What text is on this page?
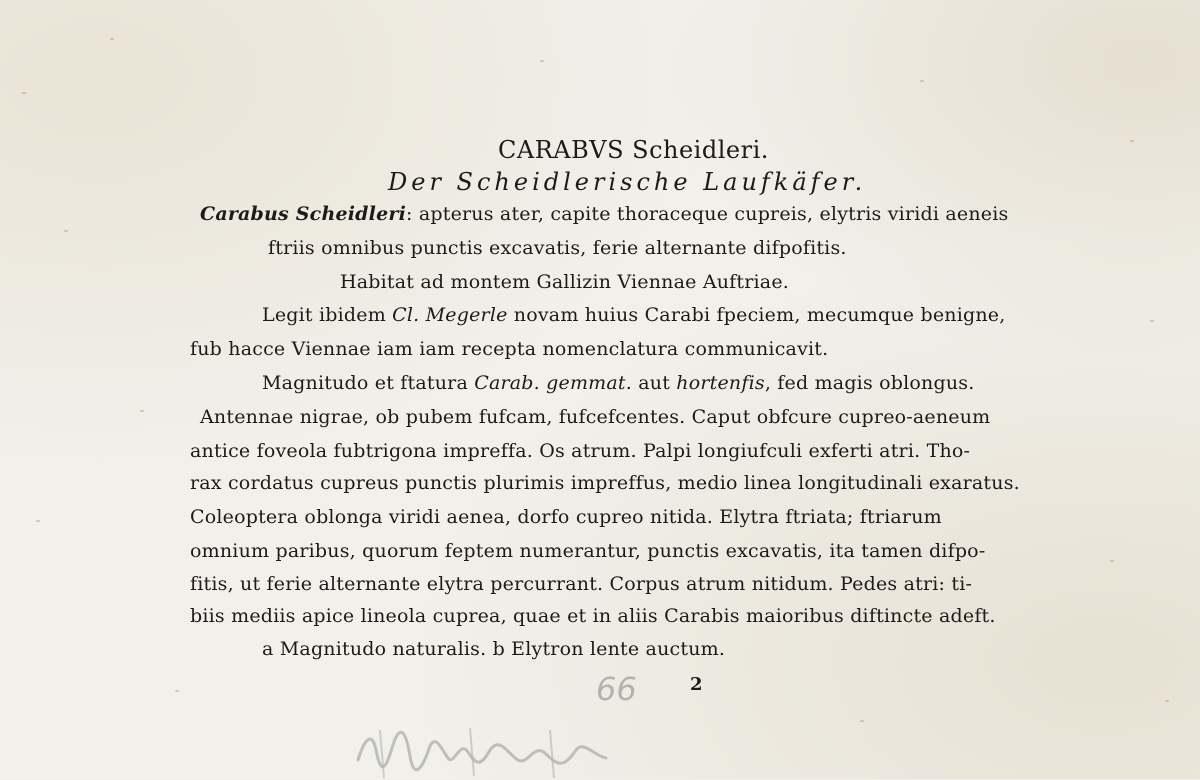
CARABVS Scheidleri.
Der Scheidlerische Laufkäfer.
Carabus Scheidleri: apterus ater, capite thoraceque cupreis, elytris viridi aeneis
ftriis omnibus punctis excavatis, ferie alternante difpofitis.
Habitat ad montem Gallizin Viennae Auftriae.
Legit ibidem Cl. Megerle novam huius Carabi fpeciem, mecumque benigne,
fub hacce Viennae iam iam recepta nomenclatura communicavit.
Magnitudo et ftatura Carab. gemmat. aut hortenfis, fed magis oblongus.
Antennae nigrae, ob pubem fufcam, fufcefcentes. Caput obfcure cupreo-aeneum
antice foveola fubtrigona impreffa. Os atrum. Palpi longiufculi exferti atri. Tho-
rax cordatus cupreus punctis plurimis impreffus, medio linea longitudinali exaratus.
Coleoptera oblonga viridi aenea, dorfo cupreo nitida. Elytra ftriata; ftriarum
omnium paribus, quorum feptem numerantur, punctis excavatis, ita tamen difpo-
fitis, ut ferie alternante elytra percurrant. Corpus atrum nitidum. Pedes atri: ti-
biis mediis apice lineola cuprea, quae et in aliis Carabis maioribus diftincte adeft.
a Magnitudo naturalis. b Elytron lente auctum.
66	2
